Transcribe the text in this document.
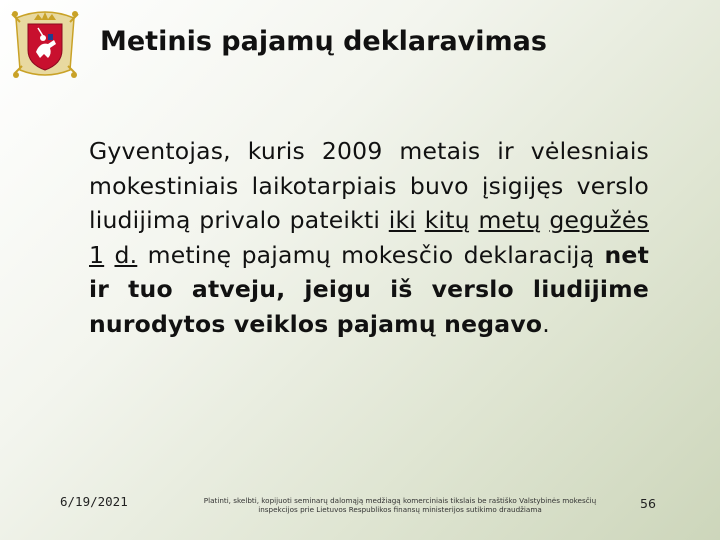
Metinis pajamų deklaravimas
Gyventojas, kuris 2009 metais ir vėlesniais mokestiniais laikotarpiais buvo įsigijęs verslo liudijimą privalo pateikti iki kitų metų gegužės 1 d. metinę pajamų mokesčio deklaraciją net ir tuo atveju, jeigu iš verslo liudijime nurodytos veiklos pajamų negavo.
6/19/2021	Platinti, skelbti, kopijuoti seminarų dalomąją medžiagą komerciniais tikslais be raštiško Valstybinės mokesčių inspekcijos prie Lietuvos Respublikos finansų ministerijos sutikimo draudžiama	56
